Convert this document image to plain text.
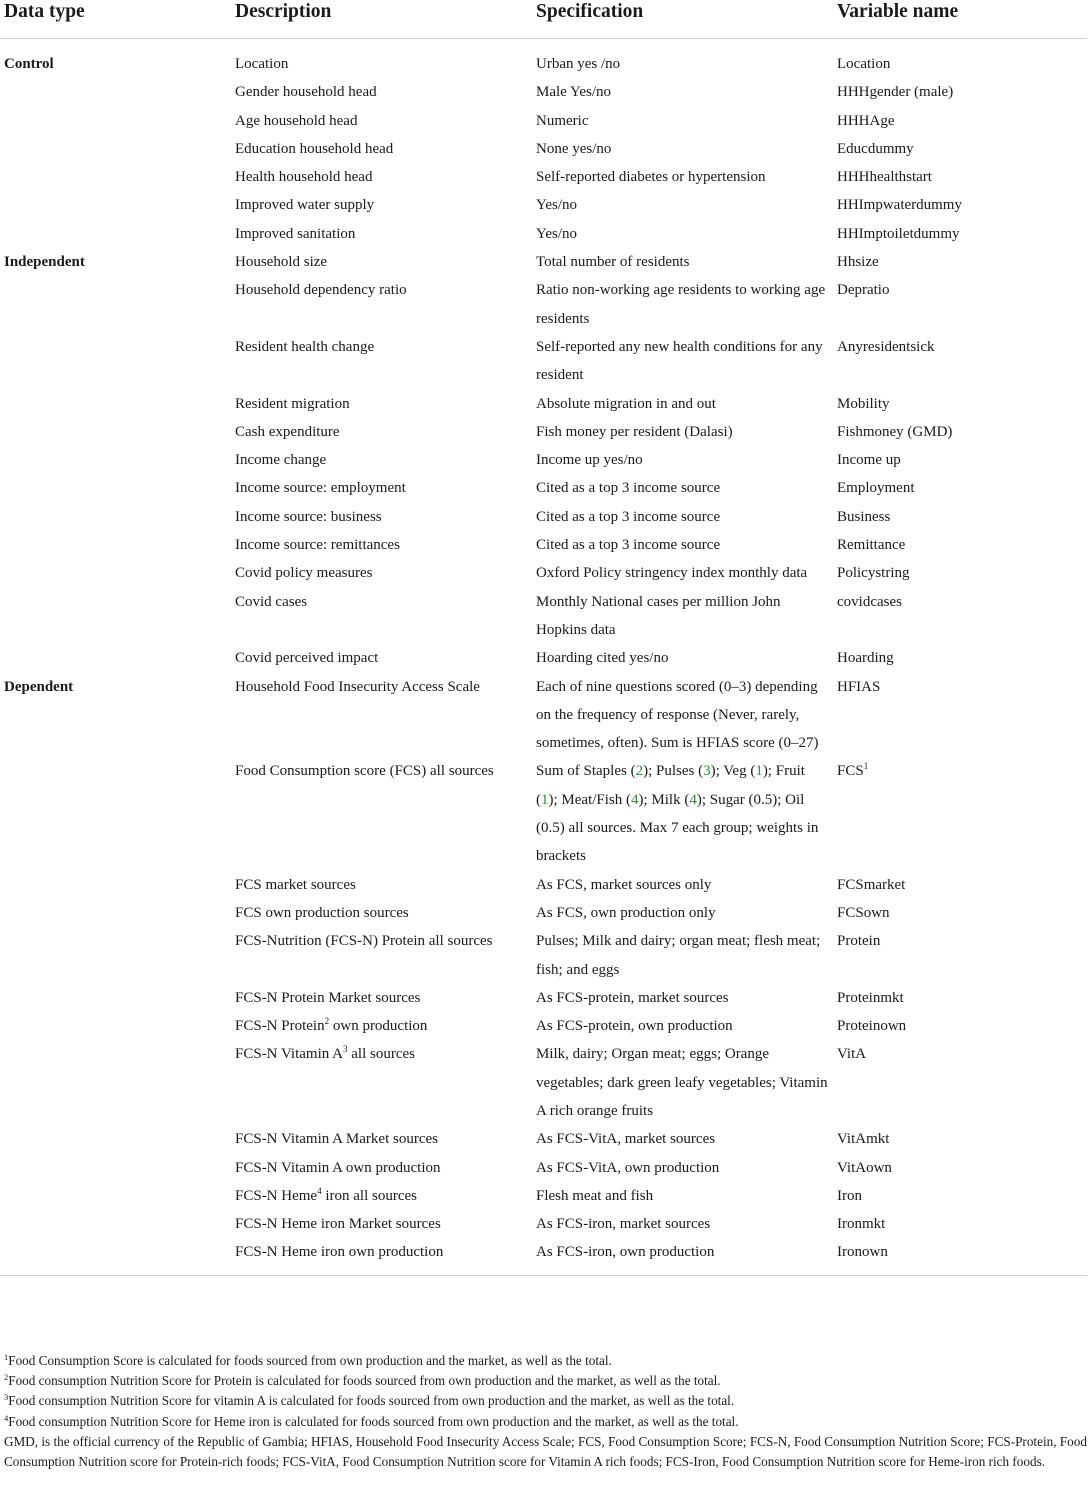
Data type	Description	Specification	Variable name
Control	Location	Urban yes /no	Location
	Gender household head	Male Yes/no	HHHgender (male)
	Age household head	Numeric	HHHAge
	Education household head	None yes/no	Educdummy
	Health household head	Self-reported diabetes or hypertension	HHHhealthstart
	Improved water supply	Yes/no	HHImpwaterdummy
	Improved sanitation	Yes/no	HHImptoiletdummy
Independent	Household size	Total number of residents	Hhsize
	Household dependency ratio	Ratio non-working age residents to working age residents	Depratio
	Resident health change	Self-reported any new health conditions for any resident	Anyresidentsick
	Resident migration	Absolute migration in and out	Mobility
	Cash expenditure	Fish money per resident (Dalasi)	Fishmoney (GMD)
	Income change	Income up yes/no	Income up
	Income source: employment	Cited as a top 3 income source	Employment
	Income source: business	Cited as a top 3 income source	Business
	Income source: remittances	Cited as a top 3 income source	Remittance
	Covid policy measures	Oxford Policy stringency index monthly data	Policystring
	Covid cases	Monthly National cases per million John Hopkins data	covidcases
	Covid perceived impact	Hoarding cited yes/no	Hoarding
Dependent	Household Food Insecurity Access Scale	Each of nine questions scored (0–3) depending on the frequency of response (Never, rarely, sometimes, often). Sum is HFIAS score (0–27)	HFIAS
	Food Consumption score (FCS) all sources	Sum of Staples (2); Pulses (3); Veg (1); Fruit (1); Meat/Fish (4); Milk (4); Sugar (0.5); Oil (0.5) all sources. Max 7 each group; weights in brackets	FCS$^1$
	FCS market sources	As FCS, market sources only	FCSmarket
	FCS own production sources	As FCS, own production only	FCSown
	FCS-Nutrition (FCS-N) Protein all sources	Pulses; Milk and dairy; organ meat; flesh meat; fish; and eggs	Protein
	FCS-N Protein Market sources	As FCS-protein, market sources	Proteinmkt
	FCS-N Protein$^2$ own production	As FCS-protein, own production	Proteinown
	FCS-N Vitamin $A^3$ all sources	Milk, dairy; Organ meat; eggs; Orange vegetables; dark green leafy vegetables; Vitamin A rich orange fruits	VitA
	FCS-N Vitamin A Market sources	As FCS-VitA, market sources	VitAmkt
	FCS-N Vitamin A own production	As FCS-VitA, own production	VitAown
	FCS-N Heme$^4$ iron all sources	Flesh meat and fish	Iron
	FCS-N Heme iron Market sources	As FCS-iron, market sources	Ironmkt
	FCS-N Heme iron own production	As FCS-iron, own production	Ironown

$^1$Food Consumption Score is calculated for foods sourced from own production and the market, as well as the total.

$^2$Food consumption Nutrition Score for Protein is calculated for foods sourced from own production and the market, as well as the total.

$^3$Food consumption Nutrition Score for vitamin A is calculated for foods sourced from own production and the market, as well as the total.

$^4$Food consumption Nutrition Score for Heme iron is calculated for foods sourced from own production and the market, as well as the total.

GMD, is the official currency of the Republic of Gambia; HFIAS, Household Food Insecurity Access Scale; FCS, Food Consumption Score; FCS-N, Food Consumption Nutrition Score; FCS-Protein, Food Consumption Nutrition score for Protein-rich foods; FCS-VitA, Food Consumption Nutrition score for Vitamin A rich foods; FCS-Iron, Food Consumption Nutrition score for Heme-iron rich foods.
